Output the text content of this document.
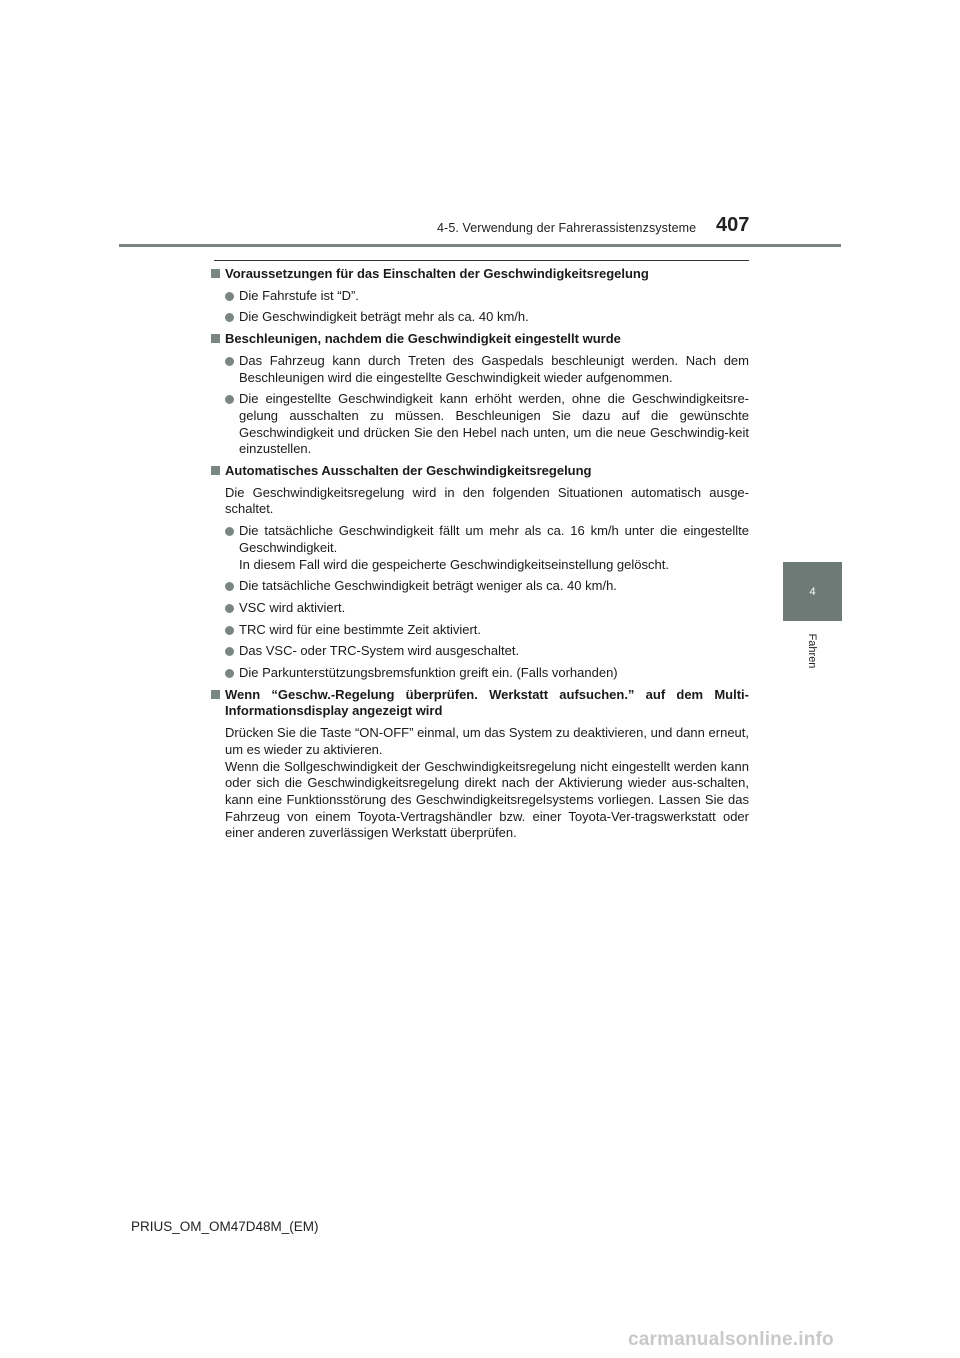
4-5. Verwendung der Fahrerassistenzsysteme 407
4
Fahren
Voraussetzungen für das Einschalten der Geschwindigkeitsregelung
Die Fahrstufe ist “D”.
Die Geschwindigkeit beträgt mehr als ca. 40 km/h.
Beschleunigen, nachdem die Geschwindigkeit eingestellt wurde
Das Fahrzeug kann durch Treten des Gaspedals beschleunigt werden. Nach dem Beschleunigen wird die eingestellte Geschwindigkeit wieder aufgenommen.
Die eingestellte Geschwindigkeit kann erhöht werden, ohne die Geschwindigkeitsre-gelung ausschalten zu müssen. Beschleunigen Sie dazu auf die gewünschte Geschwindigkeit und drücken Sie den Hebel nach unten, um die neue Geschwindig-keit einzustellen.
Automatisches Ausschalten der Geschwindigkeitsregelung
Die Geschwindigkeitsregelung wird in den folgenden Situationen automatisch ausge-schaltet.
Die tatsächliche Geschwindigkeit fällt um mehr als ca. 16 km/h unter die eingestellte Geschwindigkeit.
In diesem Fall wird die gespeicherte Geschwindigkeitseinstellung gelöscht.
Die tatsächliche Geschwindigkeit beträgt weniger als ca. 40 km/h.
VSC wird aktiviert.
TRC wird für eine bestimmte Zeit aktiviert.
Das VSC- oder TRC-System wird ausgeschaltet.
Die Parkunterstützungsbremsfunktion greift ein. (Falls vorhanden)
Wenn “Geschw.-Regelung überprüfen. Werkstatt aufsuchen.” auf dem Multi-Informationsdisplay angezeigt wird
Drücken Sie die Taste “ON-OFF” einmal, um das System zu deaktivieren, und dann erneut, um es wieder zu aktivieren.
Wenn die Sollgeschwindigkeit der Geschwindigkeitsregelung nicht eingestellt werden kann oder sich die Geschwindigkeitsregelung direkt nach der Aktivierung wieder aus-schalten, kann eine Funktionsstörung des Geschwindigkeitsregelsystems vorliegen. Lassen Sie das Fahrzeug von einem Toyota-Vertragshändler bzw. einer Toyota-Ver-tragswerkstatt oder einer anderen zuverlässigen Werkstatt überprüfen.
PRIUS_OM_OM47D48M_(EM)
carmanualsonline.info
